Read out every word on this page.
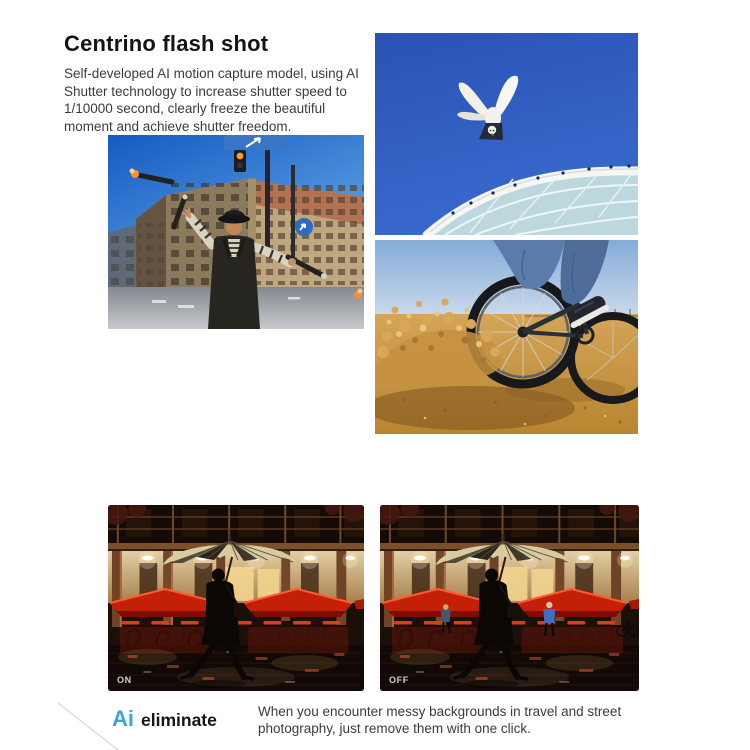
Centrino flash shot

Self-developed AI motion capture model, using AI Shutter technology to increase shutter speed to 1/10000 second, clearly freeze the beautiful moment and achieve shutter freedom.

ON	OFF
Ai eliminate	When you encounter messy backgrounds in travel and street photography, just remove them with one click.
